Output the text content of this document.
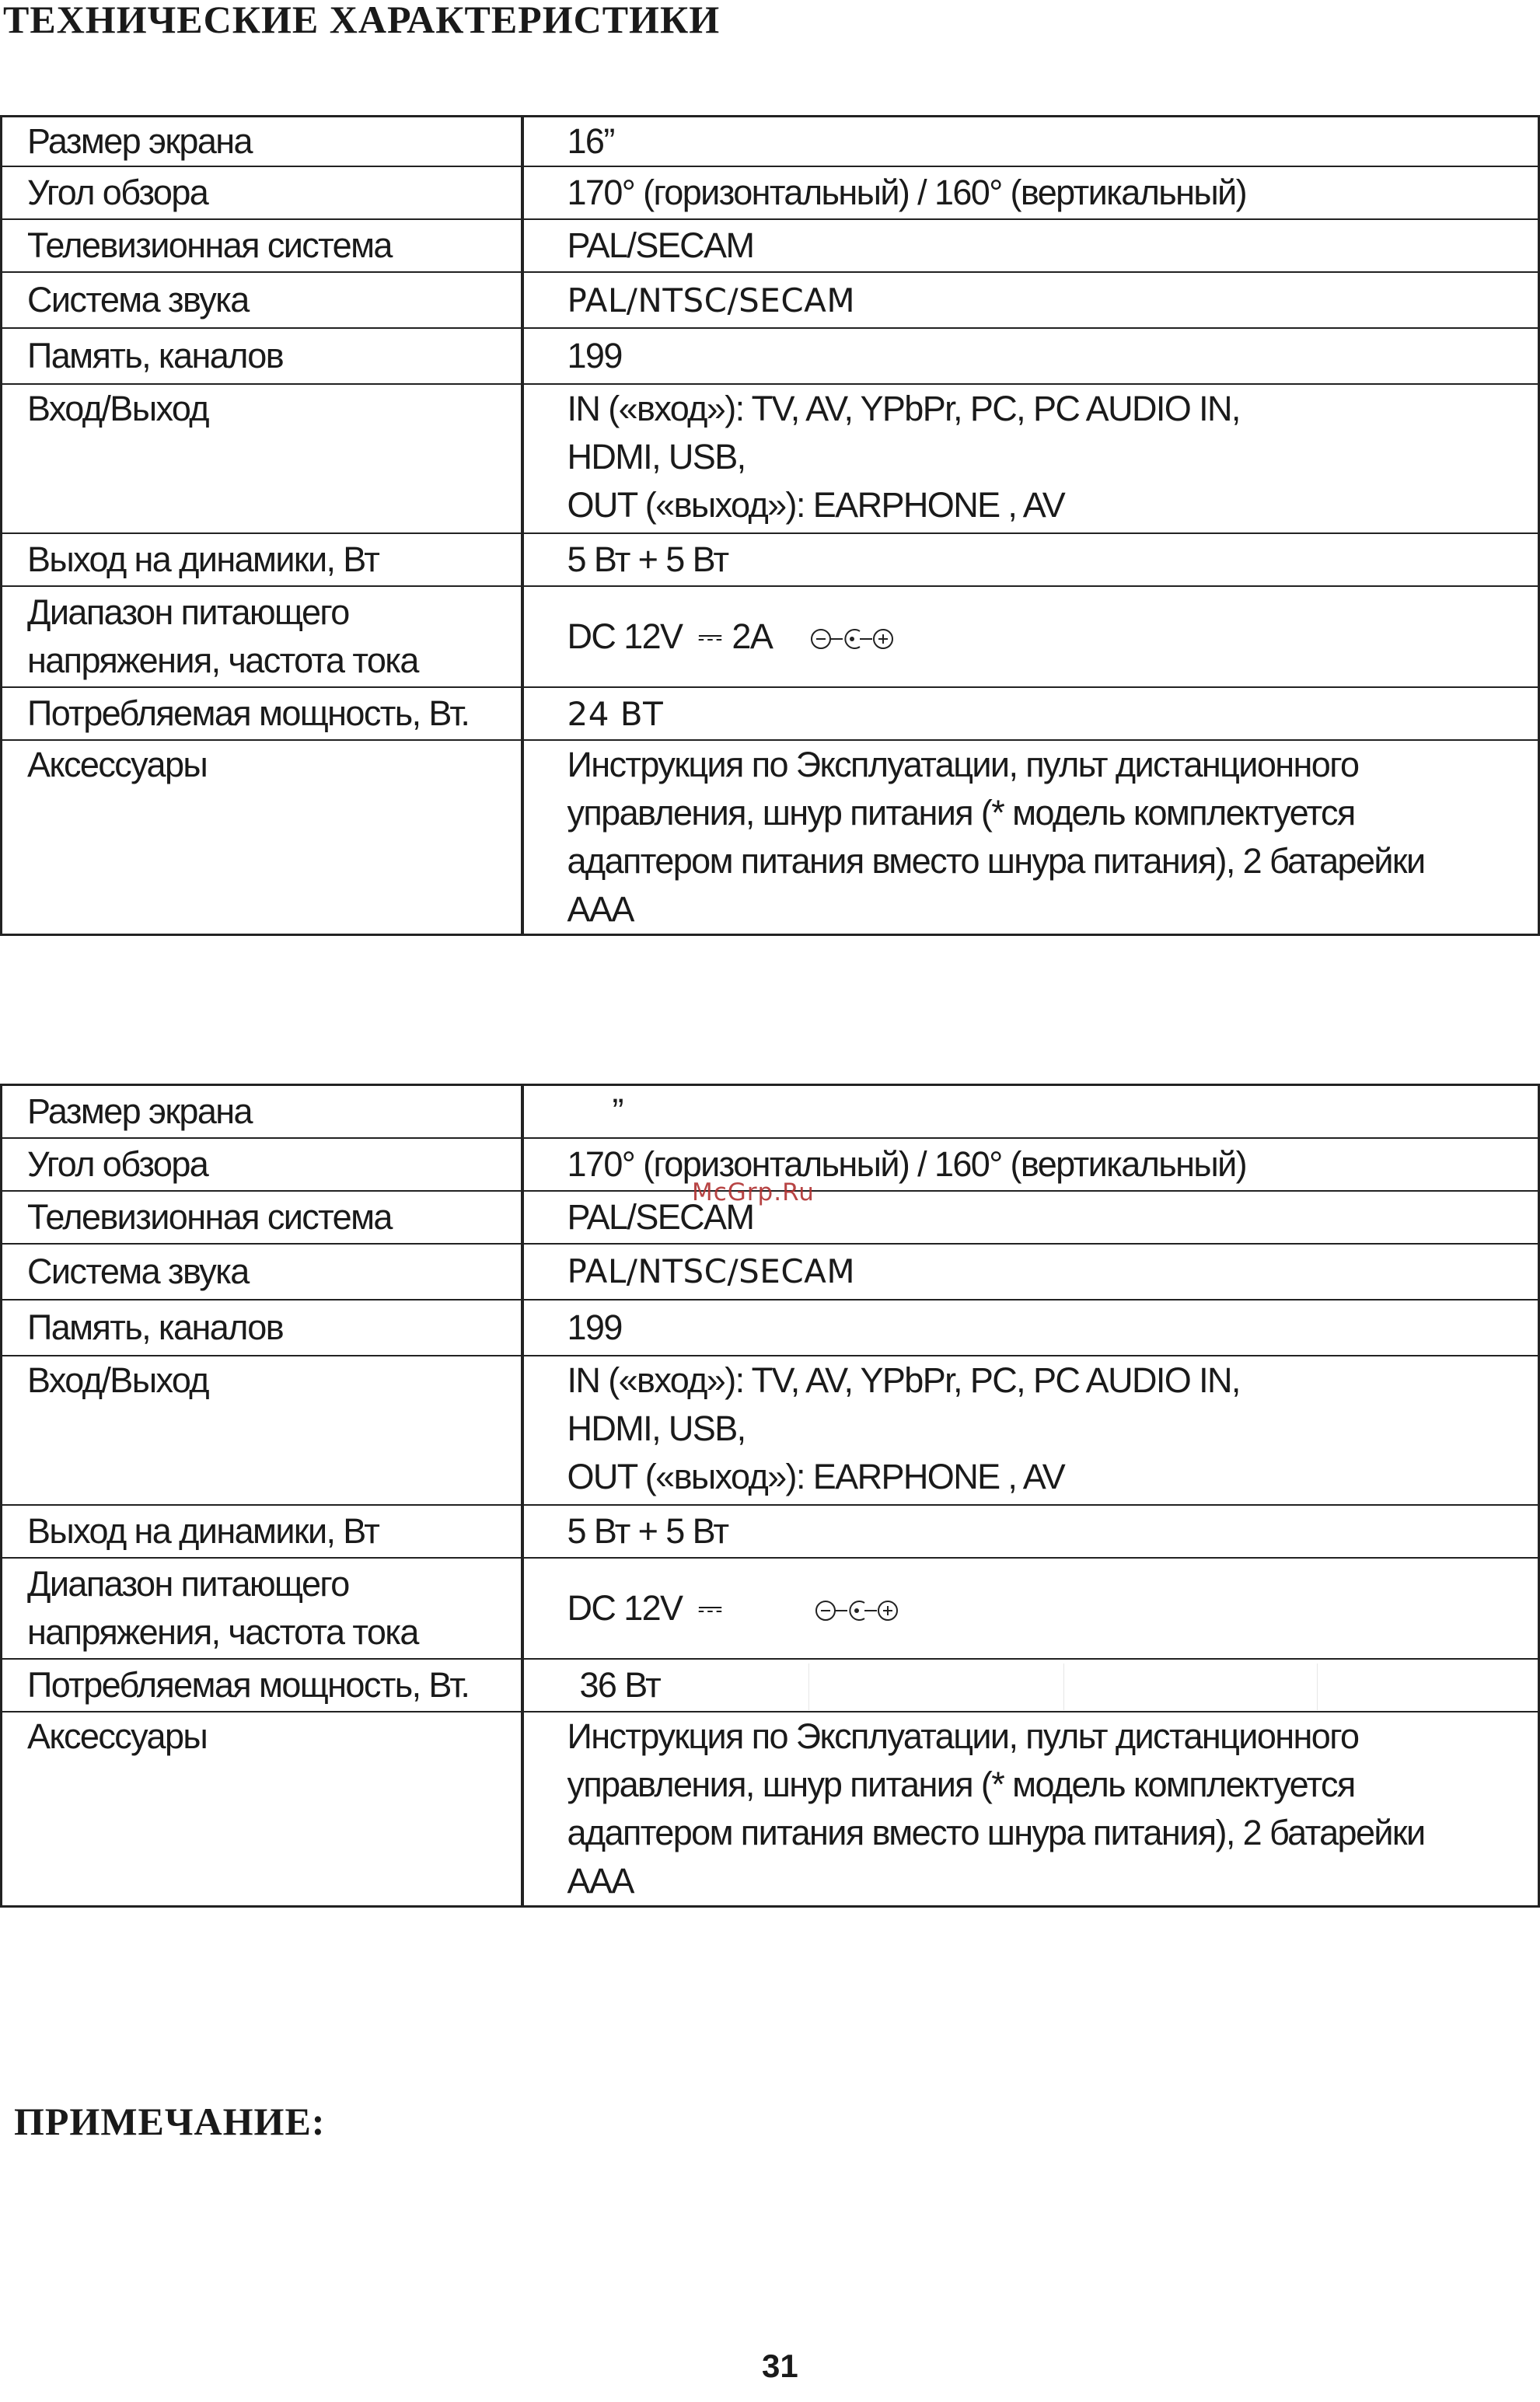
ТЕХНИЧЕСКИЕ ХАРАКТЕРИСТИКИ
Размер экрана	16”
Угол обзора	170° (горизонтальный) / 160° (вертикальный)
Телевизионная система	PAL/SECAM
Система звука	PAL/NTSC/SECAM
Память, каналов	199
Вход/Выход	IN («вход»): TV, AV, YPbPr, PC, PC AUDIO IN,
HDMI, USB,
OUT («выход»): EARPHONE , AV

Выход на динамики, Вт	5 Вт + 5 Вт

Диапазон питающего
напряжения, частота тока	DC 12V ⎓ 2A
Потребляемая мощность, Вт.	24 ВТ
Аксессуары	Инструкция по Эксплуатации, пульт дистанционного
управления, шнур питания (* модель комплектуется
адаптером питания вместо шнура питания), 2 батарейки
ААА
Размер экрана	”
Угол обзора	170° (горизонтальный) / 160° (вертикальный)
Телевизионная система	PAL/SECAM
Система звука	PAL/NTSC/SECAM
Память, каналов	199
Вход/Выход	IN («вход»): TV, AV, YPbPr, PC, PC AUDIO IN,
HDMI, USB,
OUT («выход»): EARPHONE , AV

Выход на динамики, Вт	5 Вт + 5 Вт

Диапазон питающего
напряжения, частота тока	DC 12V ⎓
Потребляемая мощность, Вт.	36 Вт
Аксессуары	Инструкция по Эксплуатации, пульт дистанционного
управления, шнур питания (* модель комплектуется
адаптером питания вместо шнура питания), 2 батарейки
ААА
McGrp.Ru
ПРИМЕЧАНИЕ:
31
